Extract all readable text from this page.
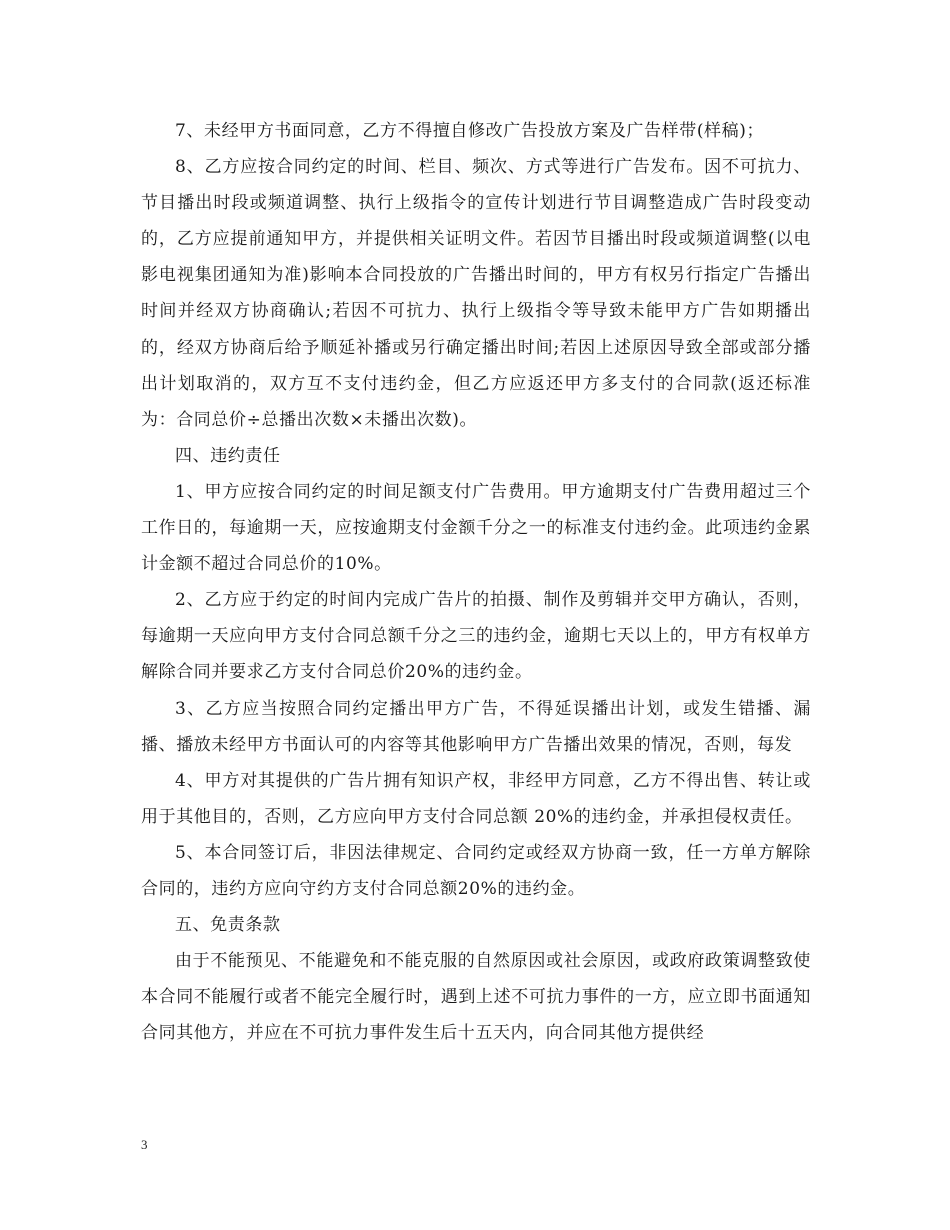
7、未经甲方书面同意，乙方不得擅自修改广告投放方案及广告样带(样稿)；

8、乙方应按合同约定的时间、栏目、频次、方式等进行广告发布。因不可抗力、节目播出时段或频道调整、执行上级指令的宣传计划进行节目调整造成广告时段变动的，乙方应提前通知甲方，并提供相关证明文件。若因节目播出时段或频道调整(以电影电视集团通知为准)影响本合同投放的广告播出时间的，甲方有权另行指定广告播出时间并经双方协商确认;若因不可抗力、执行上级指令等导致未能甲方广告如期播出的，经双方协商后给予顺延补播或另行确定播出时间;若因上述原因导致全部或部分播出计划取消的，双方互不支付违约金，但乙方应返还甲方多支付的合同款(返还标准为：合同总价÷总播出次数×未播出次数)。

四、违约责任

1、甲方应按合同约定的时间足额支付广告费用。甲方逾期支付广告费用超过三个工作日的，每逾期一天，应按逾期支付金额千分之一的标准支付违约金。此项违约金累计金额不超过合同总价的10%。

2、乙方应于约定的时间内完成广告片的拍摄、制作及剪辑并交甲方确认，否则，每逾期一天应向甲方支付合同总额千分之三的违约金，逾期七天以上的，甲方有权单方解除合同并要求乙方支付合同总价20%的违约金。

3、乙方应当按照合同约定播出甲方广告，不得延误播出计划，或发生错播、漏播、播放未经甲方书面认可的内容等其他影响甲方广告播出效果的情况，否则，每发

4、甲方对其提供的广告片拥有知识产权，非经甲方同意，乙方不得出售、转让或用于其他目的，否则，乙方应向甲方支付合同总额 20%的违约金，并承担侵权责任。

5、本合同签订后，非因法律规定、合同约定或经双方协商一致，任一方单方解除合同的，违约方应向守约方支付合同总额20%的违约金。

五、免责条款

由于不能预见、不能避免和不能克服的自然原因或社会原因，或政府政策调整致使本合同不能履行或者不能完全履行时，遇到上述不可抗力事件的一方，应立即书面通知合同其他方，并应在不可抗力事件发生后十五天内，向合同其他方提供经

3
